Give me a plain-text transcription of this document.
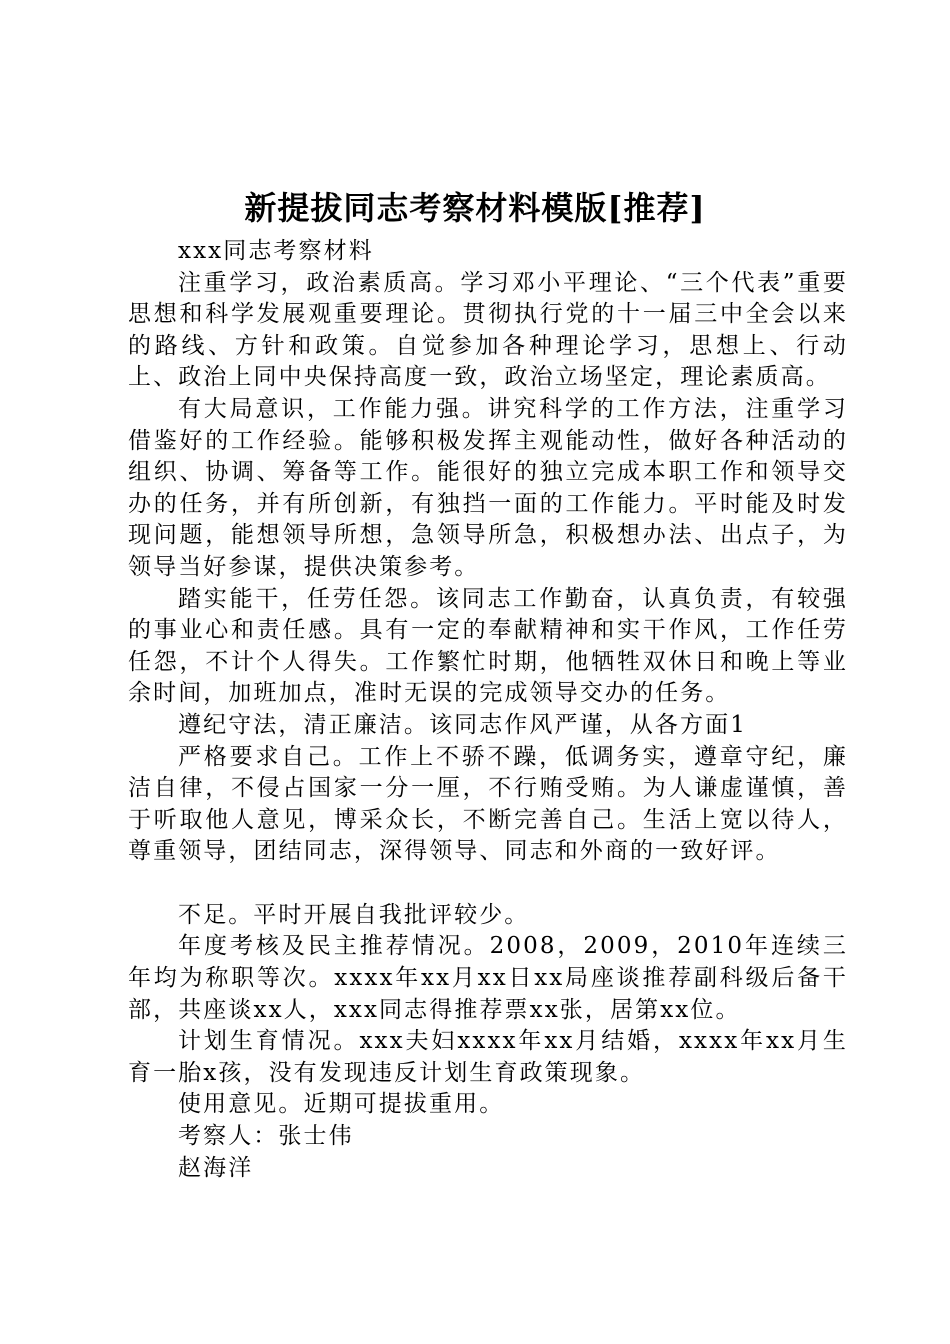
新提拔同志考察材料模版[推荐]

xxx同志考察材料

注重学习，政治素质高。学习邓小平理论、“三个代表”重要思想和科学发展观重要理论。贯彻执行党的十一届三中全会以来的路线、方针和政策。自觉参加各种理论学习，思想上、行动上、政治上同中央保持高度一致，政治立场坚定，理论素质高。

有大局意识，工作能力强。讲究科学的工作方法，注重学习借鉴好的工作经验。能够积极发挥主观能动性，做好各种活动的组织、协调、筹备等工作。能很好的独立完成本职工作和领导交办的任务，并有所创新，有独挡一面的工作能力。平时能及时发现问题，能想领导所想，急领导所急，积极想办法、出点子，为领导当好参谋，提供决策参考。

踏实能干，任劳任怨。该同志工作勤奋，认真负责，有较强的事业心和责任感。具有一定的奉献精神和实干作风，工作任劳任怨，不计个人得失。工作繁忙时期，他牺牲双休日和晚上等业余时间，加班加点，准时无误的完成领导交办的任务。

遵纪守法，清正廉洁。该同志作风严谨，从各方面1

严格要求自己。工作上不骄不躁，低调务实，遵章守纪，廉洁自律，不侵占国家一分一厘，不行贿受贿。为人谦虚谨慎，善于听取他人意见，博采众长，不断完善自己。生活上宽以待人，尊重领导，团结同志，深得领导、同志和外商的一致好评。

不足。平时开展自我批评较少。

年度考核及民主推荐情况。2008，2009，2010年连续三年均为称职等次。xxxx年xx月xx日xx局座谈推荐副科级后备干部，共座谈xx人，xxx同志得推荐票xx张，居第xx位。

计划生育情况。xxx夫妇xxxx年xx月结婚，xxxx年xx月生育一胎x孩，没有发现违反计划生育政策现象。

使用意见。近期可提拔重用。

考察人：张士伟

赵海洋
